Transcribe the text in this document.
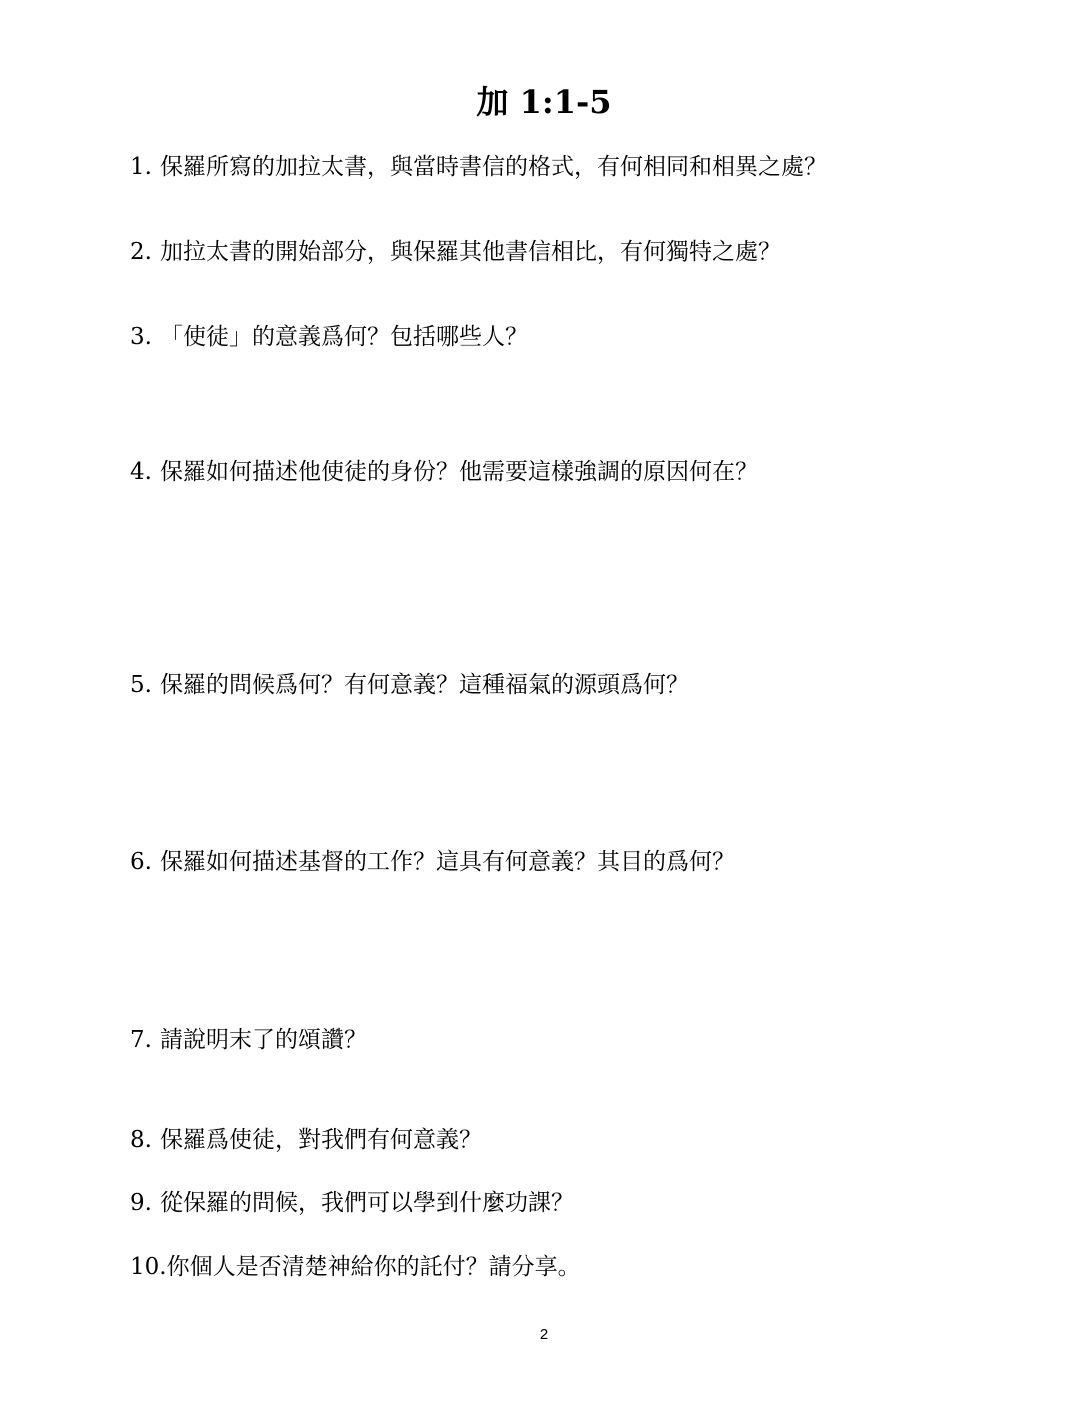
加 1:1-5
1. 保羅所寫的加拉太書，與當時書信的格式，有何相同和相異之處？
2. 加拉太書的開始部分，與保羅其他書信相比，有何獨特之處？
3. 「使徒」的意義爲何？包括哪些人？
4. 保羅如何描述他使徒的身份？他需要這樣強調的原因何在？
5. 保羅的問候爲何？有何意義？這種福氣的源頭爲何？
6. 保羅如何描述基督的工作？這具有何意義？其目的爲何？
7. 請說明末了的頌讚？
8. 保羅爲使徒，對我們有何意義？
9. 從保羅的問候，我們可以學到什麼功課？
10.你個人是否清楚神給你的託付？請分享。
2
